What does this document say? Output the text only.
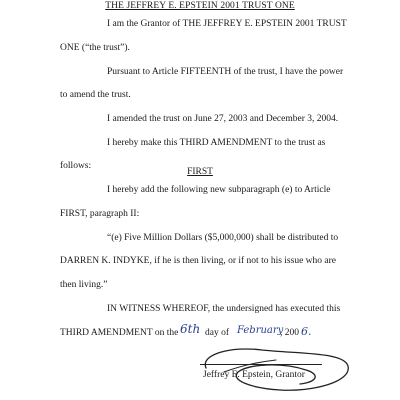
THE JEFFREY E. EPSTEIN 2001 TRUST ONE
I am the Grantor of THE JEFFREY E. EPSTEIN 2001 TRUST
ONE (“the trust”).
Pursuant to Article FIFTEENTH of the trust, I have the power
to amend the trust.
I amended the trust on June 27, 2003 and December 3, 2004.
I hereby make this THIRD AMENDMENT to the trust as
follows:
FIRST
I hereby add the following new subparagraph (e) to Article
FIRST, paragraph II:
“(e) Five Million Dollars ($5,000,000) shall be distributed to
DARREN K. INDYKE, if he is then living, or if not to his issue who are
then living.”
IN WITNESS WHEREOF, the undersigned has executed this
THIRD AMENDMENT on the 6th day of February
, 200 6.
Jeffrey E. Epstein, Grantor
